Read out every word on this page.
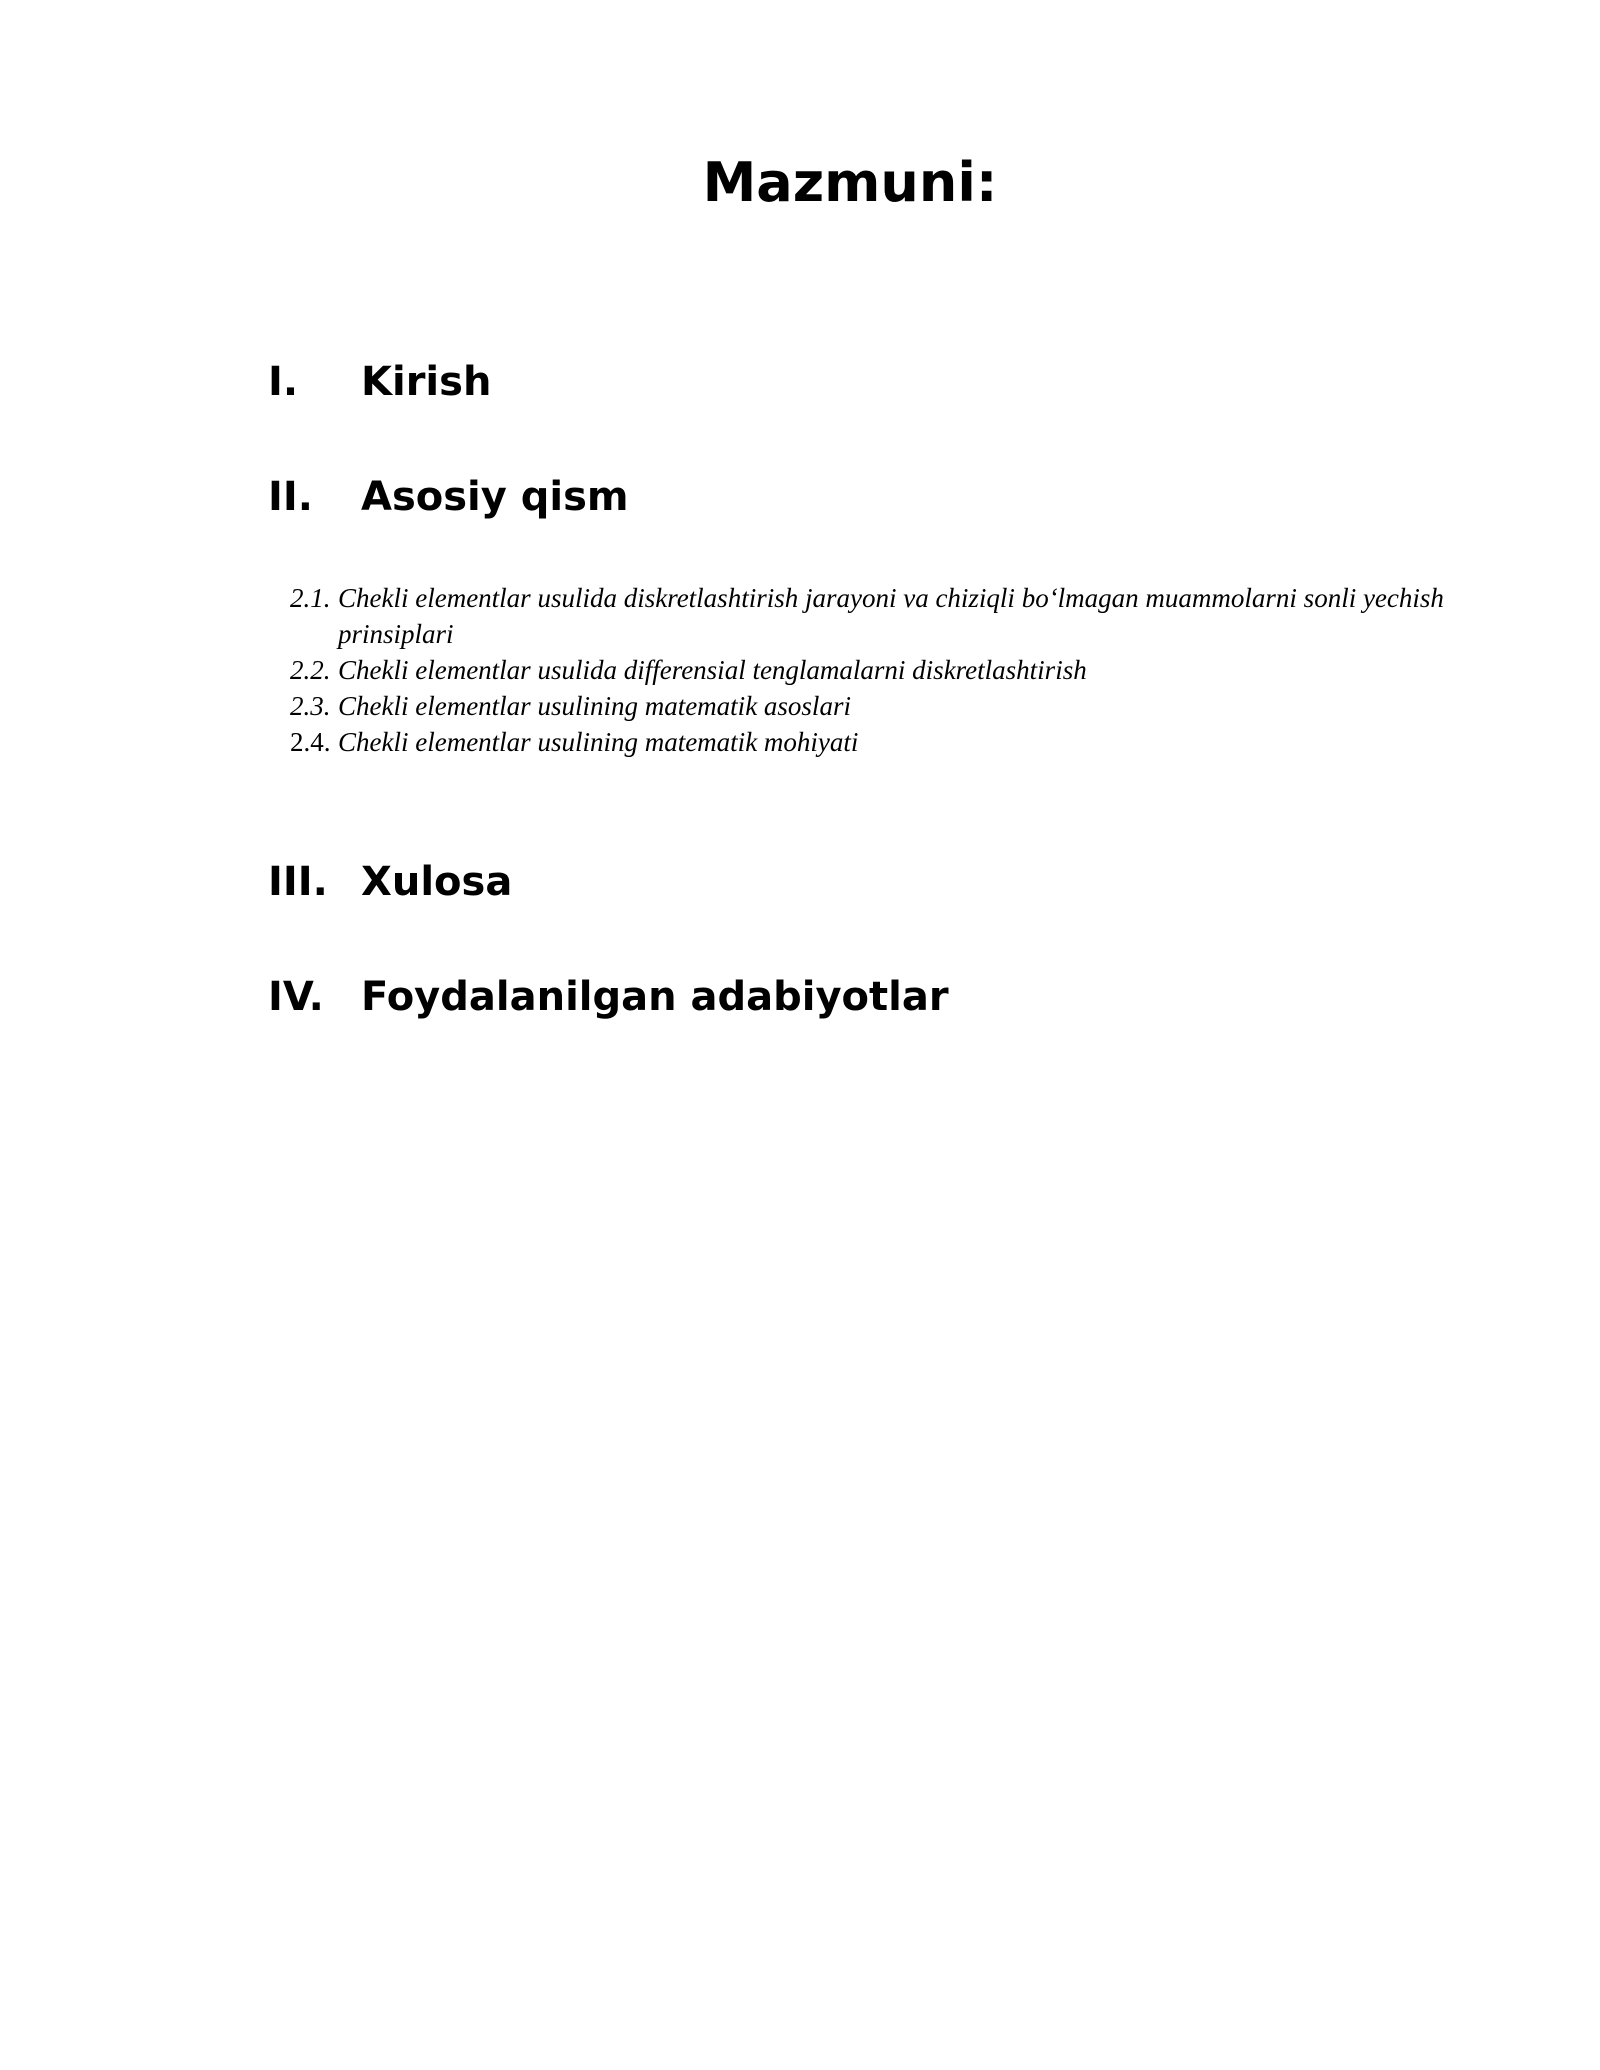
Mazmuni:
I. Kirish
II. Asosiy qism
2.1. Chekli elementlar usulida diskretlashtirish jarayoni va chiziqli bo‘lmagan muammolarni sonli yechish prinsiplari
2.2. Chekli elementlar usulida differensial tenglamalarni diskretlashtirish
2.3. Chekli elementlar usulining matematik asoslari
2.4. Chekli elementlar usulining matematik mohiyati
III. Xulosa
IV. Foydalanilgan adabiyotlar
